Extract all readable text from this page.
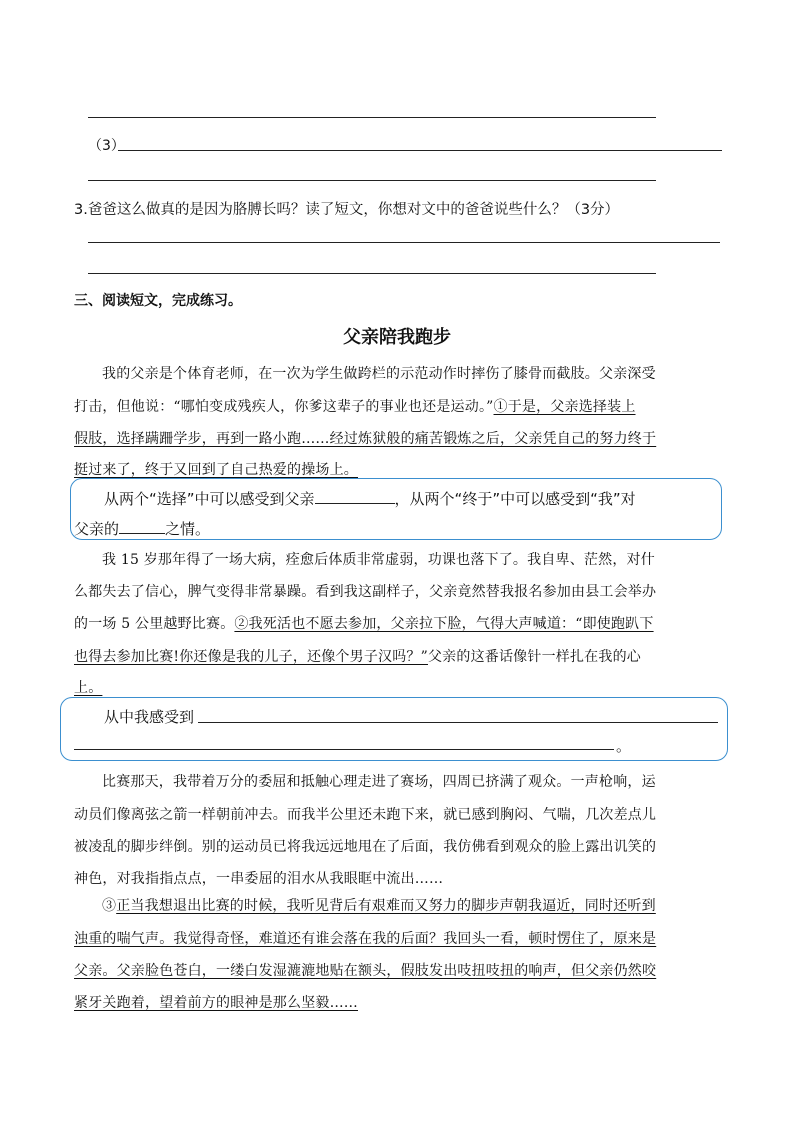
（3）
3.爸爸这么做真的是因为胳膊长吗？读了短文，你想对文中的爸爸说些什么？（3分）
三、阅读短文，完成练习。
父亲陪我跑步
我的父亲是个体育老师，在一次为学生做跨栏的示范动作时摔伤了膝骨而截肢。父亲深受
打击，但他说：“哪怕变成残疾人，你爹这辈子的事业也还是运动。”①于是，父亲选择装上
假肢，选择蹒跚学步，再到一路小跑……经过炼狱般的痛苦锻炼之后，父亲凭自己的努力终于
挺过来了，终于又回到了自己热爱的操场上。
从两个“选择”中可以感受到父亲	，从两个“终于”中可以感受到“我”对
父亲的	之情。
我 15 岁那年得了一场大病，痊愈后体质非常虚弱，功课也落下了。我自卑、茫然，对什
么都失去了信心，脾气变得非常暴躁。看到我这副样子，父亲竟然替我报名参加由县工会举办
的一场 5 公里越野比赛。②我死活也不愿去参加，父亲拉下脸，气得大声喊道：“即使跑趴下
也得去参加比赛!你还像是我的儿子，还像个男子汉吗？”父亲的这番话像针一样扎在我的心
上。
从中我感受到
。
比赛那天，我带着万分的委屈和抵触心理走进了赛场，四周已挤满了观众。一声枪响，运
动员们像离弦之箭一样朝前冲去。而我半公里还未跑下来，就已感到胸闷、气喘，几次差点儿
被凌乱的脚步绊倒。别的运动员已将我远远地甩在了后面，我仿佛看到观众的脸上露出讥笑的
神色，对我指指点点，一串委屈的泪水从我眼眶中流出……
③正当我想退出比赛的时候，我听见背后有艰难而又努力的脚步声朝我逼近，同时还听到
浊重的喘气声。我觉得奇怪，难道还有谁会落在我的后面？我回头一看，顿时愣住了，原来是
父亲。父亲脸色苍白，一缕白发湿漉漉地贴在额头，假肢发出吱扭吱扭的响声，但父亲仍然咬
紧牙关跑着，望着前方的眼神是那么坚毅……
